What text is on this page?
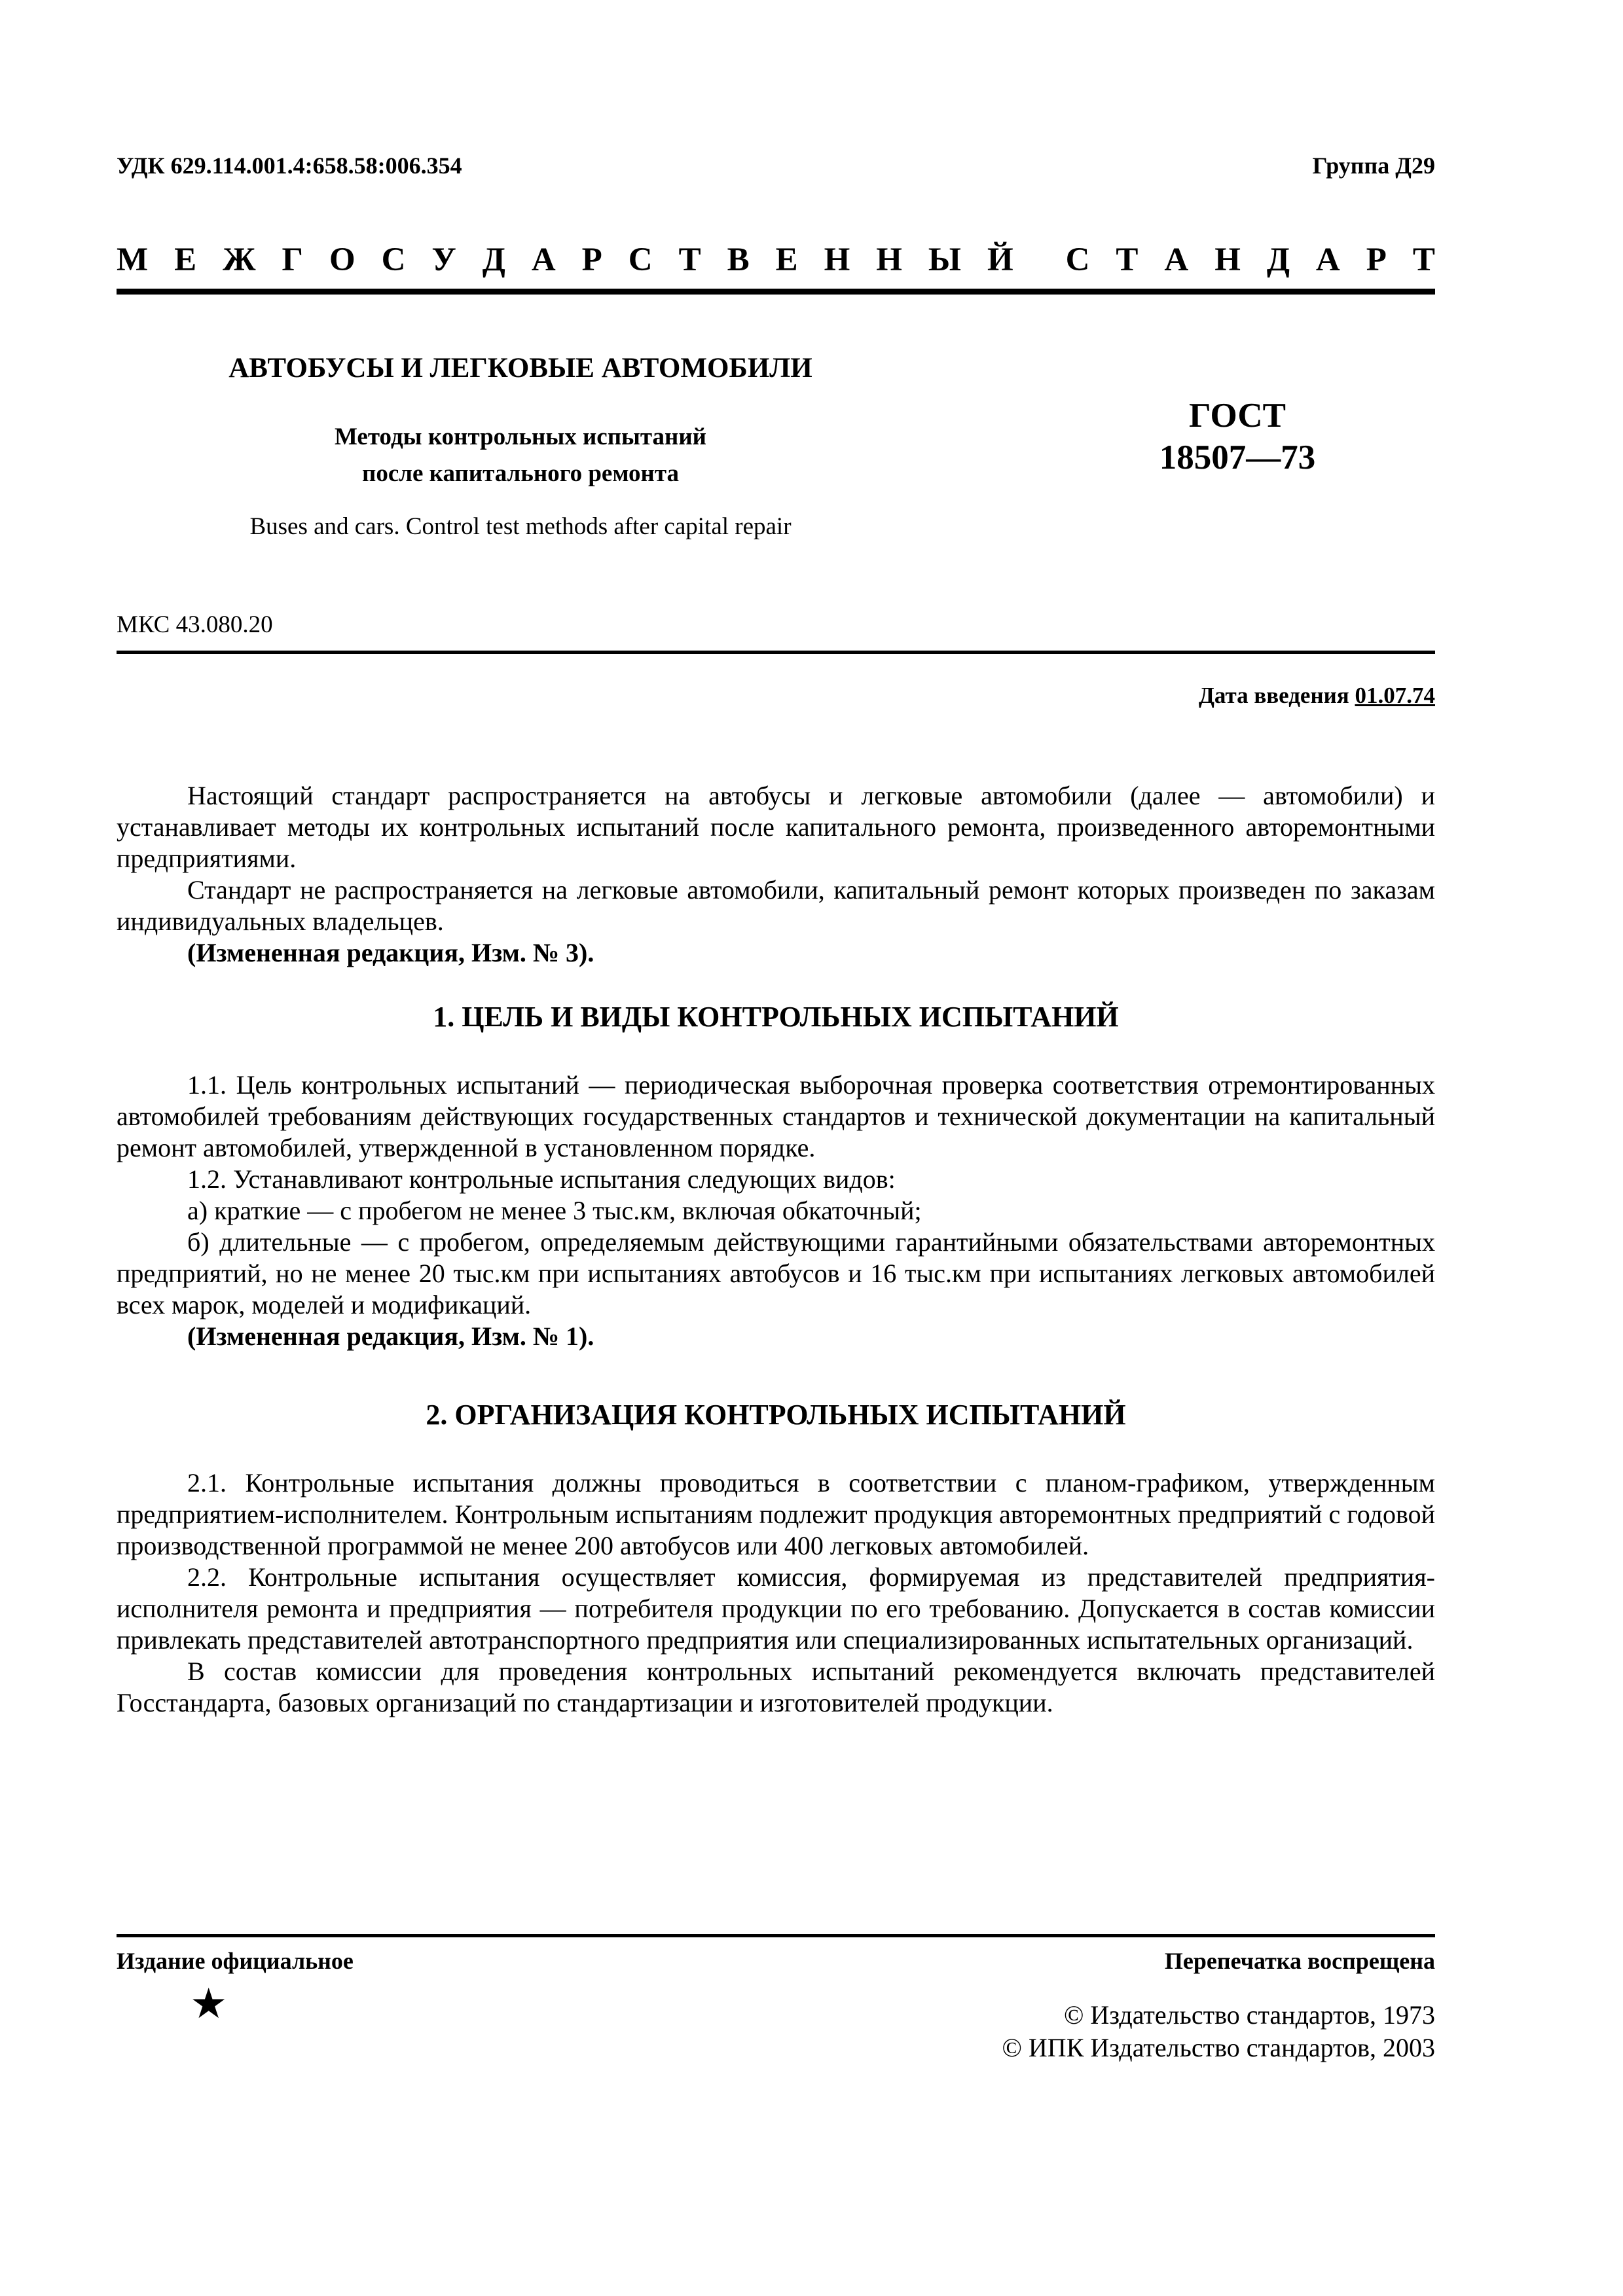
УДК 629.114.001.4:658.58:006.354	Группа Д29
М Е Ж Г О С У Д А Р С Т В Е Н Н Ы Й С Т А Н Д А Р Т
АВТОБУСЫ И ЛЕГКОВЫЕ АВТОМОБИЛИ
Методы контрольных испытаний
после капитального ремонта
Buses and cars. Control test methods after capital repair
ГОСТ
18507—73
МКС 43.080.20
Дата введения 01.07.74

Настоящий стандарт распространяется на автобусы и легковые автомобили (далее — автомобили) и устанавливает методы их контрольных испытаний после капитального ремонта, произведенного авторемонтными предприятиями.

Стандарт не распространяется на легковые автомобили, капитальный ремонт которых произведен по заказам индивидуальных владельцев.

(Измененная редакция, Изм. № 3).

1. ЦЕЛЬ И ВИДЫ КОНТРОЛЬНЫХ ИСПЫТАНИЙ

1.1. Цель контрольных испытаний — периодическая выборочная проверка соответствия отремонтированных автомобилей требованиям действующих государственных стандартов и технической документации на капитальный ремонт автомобилей, утвержденной в установленном порядке.

1.2. Устанавливают контрольные испытания следующих видов:

а) краткие — с пробегом не менее 3 тыс.км, включая обкаточный;

б) длительные — с пробегом, определяемым действующими гарантийными обязательствами авторемонтных предприятий, но не менее 20 тыс.км при испытаниях автобусов и 16 тыс.км при испытаниях легковых автомобилей всех марок, моделей и модификаций.

(Измененная редакция, Изм. № 1).

2. ОРГАНИЗАЦИЯ КОНТРОЛЬНЫХ ИСПЫТАНИЙ

2.1. Контрольные испытания должны проводиться в соответствии с планом-графиком, утвержденным предприятием-исполнителем. Контрольным испытаниям подлежит продукция авторемонтных предприятий с годовой производственной программой не менее 200 автобусов или 400 легковых автомобилей.

2.2. Контрольные испытания осуществляет комиссия, формируемая из представителей предприятия-исполнителя ремонта и предприятия — потребителя продукции по его требованию. Допускается в состав комиссии привлекать представителей автотранспортного предприятия или специализированных испытательных организаций.

В состав комиссии для проведения контрольных испытаний рекомендуется включать представителей Госстандарта, базовых организаций по стандартизации и изготовителей продукции.

Издание официальное	Перепечатка воспрещена
★	© Издательство стандартов, 1973
© ИПК Издательство стандартов, 2003
